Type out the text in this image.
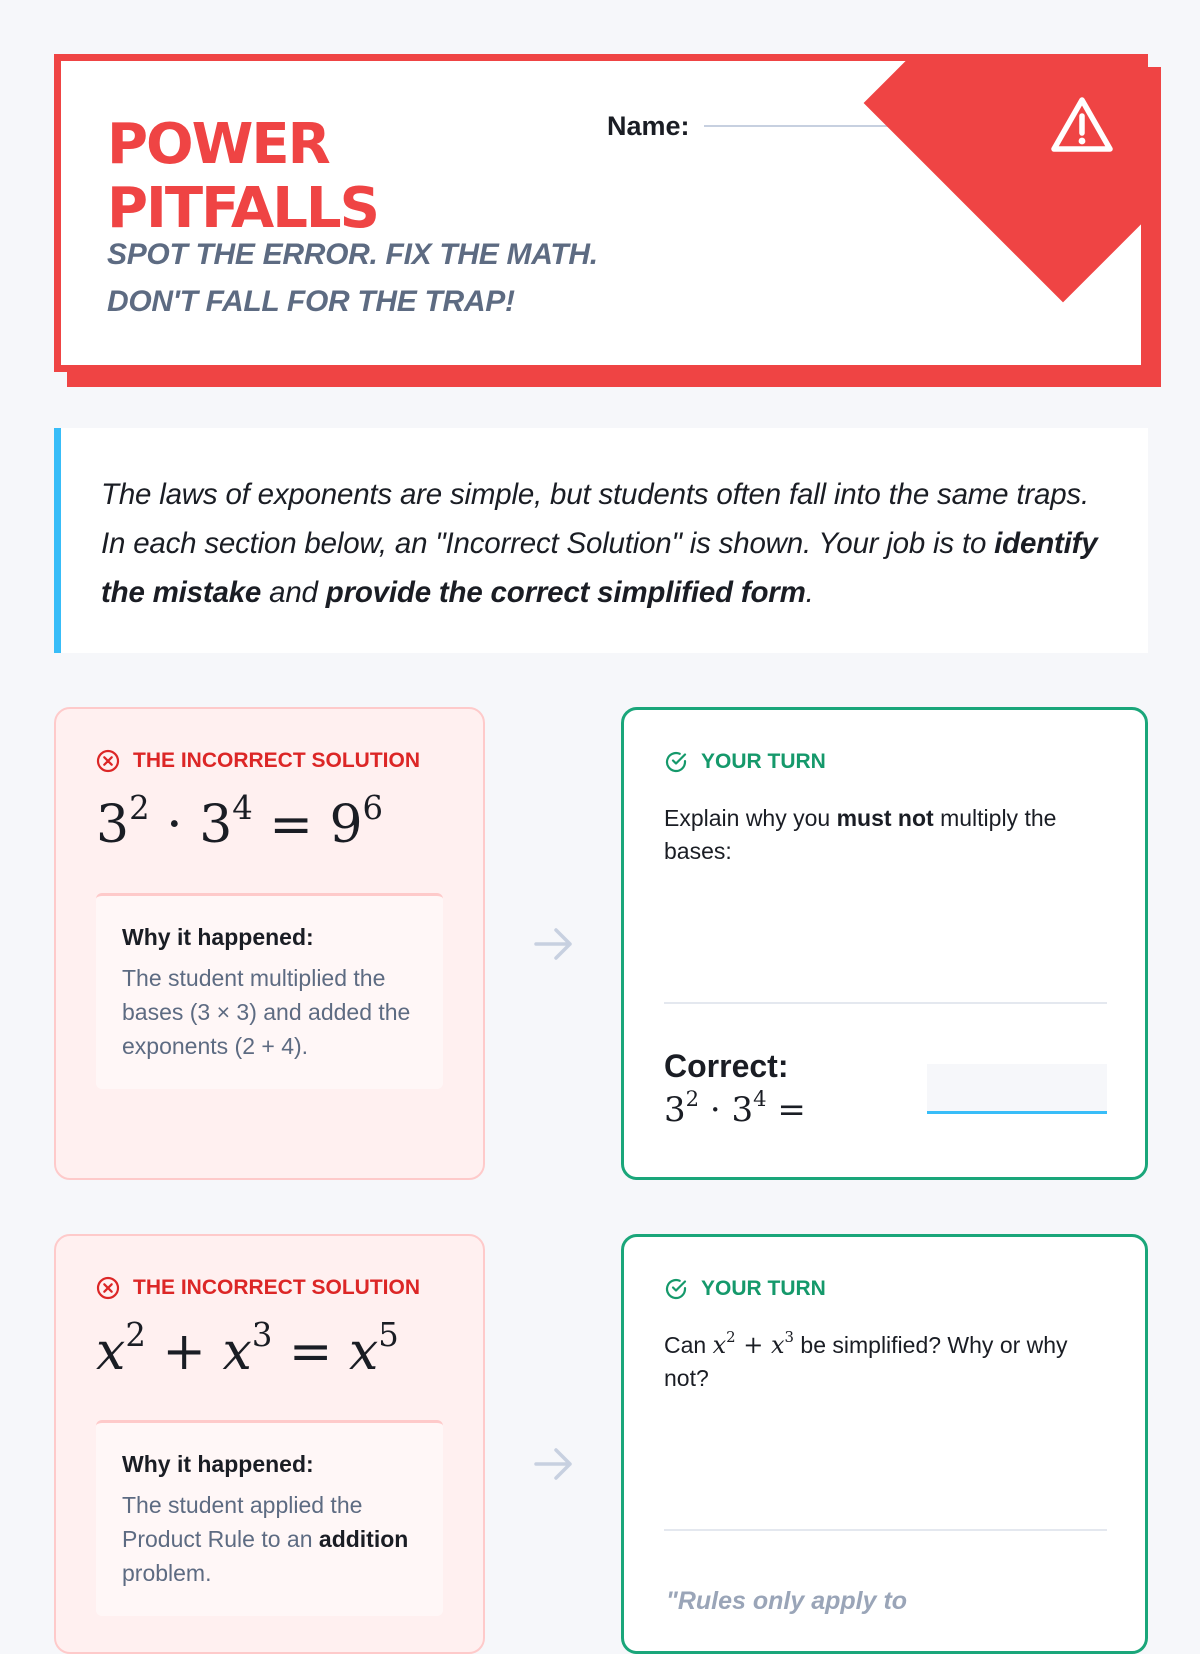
POWER
PITFALLS
SPOT THE ERROR. FIX THE MATH.
DON'T FALL FOR THE TRAP!
Name:

The laws of exponents are simple, but students often fall into the same traps. In each section below, an "Incorrect Solution" is shown. Your job is to identify the mistake and provide the correct simplified form.

THE INCORRECT SOLUTION
$3^2 \cdot 3^4 = 9^6$
Why it happened:
The student multiplied the bases (3 × 3) and added the exponents (2 + 4).
YOUR TURN
Explain why you must not multiply the bases:
Correct:
$3^2 \cdot 3^4$ =
THE INCORRECT SOLUTION
$x^2 + x^3 = x^5$
Why it happened:
The student applied the Product Rule to an addition problem.
YOUR TURN
Can $x^2 + x^3$ be simplified? Why or why not?
"Rules only apply to
